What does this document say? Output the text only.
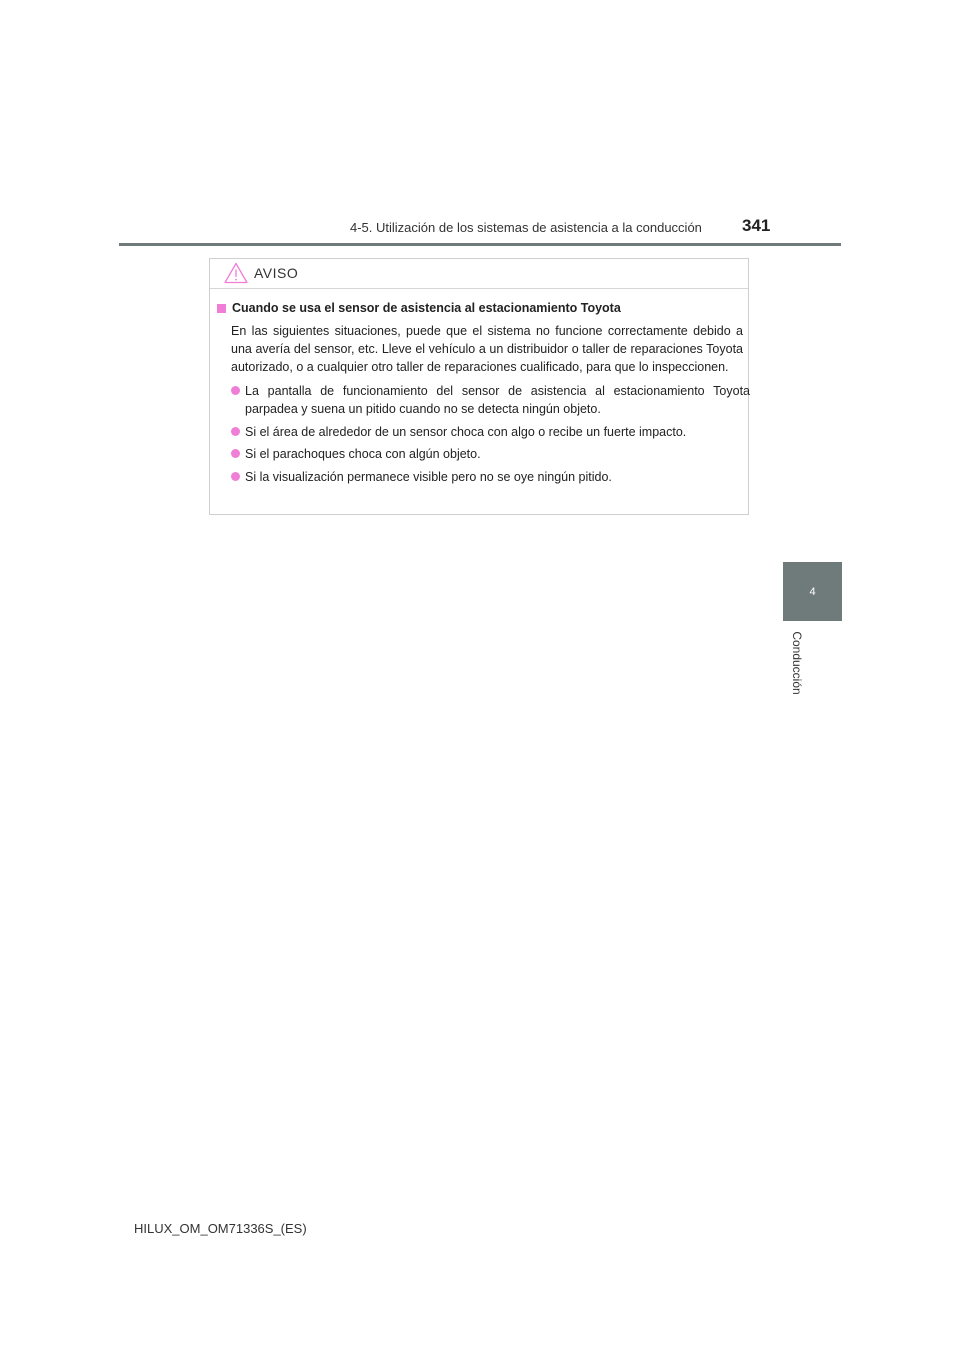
4-5. Utilización de los sistemas de asistencia a la conducción 341
4
Conducción
AVISO
Cuando se usa el sensor de asistencia al estacionamiento Toyota

En las siguientes situaciones, puede que el sistema no funcione correctamente debido a una avería del sensor, etc. Lleve el vehículo a un distribuidor o taller de reparaciones Toyota autorizado, o a cualquier otro taller de reparaciones cualificado, para que lo inspeccionen.

La pantalla de funcionamiento del sensor de asistencia al estacionamiento Toyota parpadea y suena un pitido cuando no se detecta ningún objeto.
Si el área de alrededor de un sensor choca con algo o recibe un fuerte impacto.
Si el parachoques choca con algún objeto.
Si la visualización permanece visible pero no se oye ningún pitido.
HILUX_OM_OM71336S_(ES)
